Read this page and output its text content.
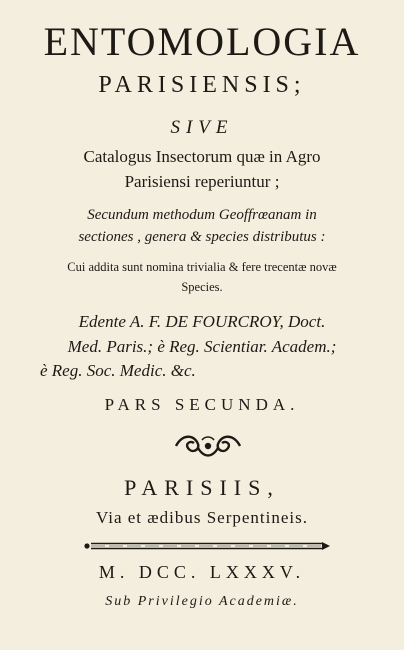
ENTOMOLOGIA
PARISIENSIS;
SIVE
Catalogus Insectorum quæ in Agro
Parisiensi reperiuntur ;
Secundum methodum Geoffrœanam in
sectiones , genera & species distributus :
Cui addita sunt nomina trivialia & fere trecentæ novæ
Species.
Edente A. F. DE FOURCROY, Doct.
Med. Paris.; è Reg. Scientiar. Academ.;
è Reg. Soc. Medic. &c.
PARS SECUNDA.
PARISIIS,
Via et ædibus Serpentineis.
M. DCC. LXXXV.
Sub Privilegio Academiæ.
